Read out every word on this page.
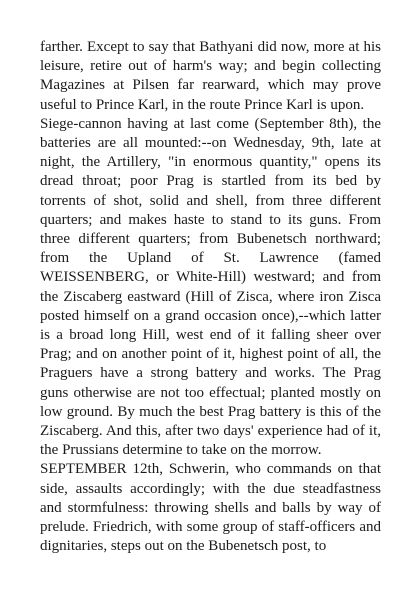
farther. Except to say that Bathyani did now, more at his leisure, retire out of harm's way; and begin collecting Magazines at Pilsen far rearward, which may prove useful to Prince Karl, in the route Prince Karl is upon.

Siege-cannon having at last come (September 8th), the batteries are all mounted:--on Wednesday, 9th, late at night, the Artillery, "in enormous quantity," opens its dread throat; poor Prag is startled from its bed by torrents of shot, solid and shell, from three different quarters; and makes haste to stand to its guns. From three different quarters; from Bubenetsch northward; from the Upland of St. Lawrence (famed WEISSENBERG, or White-Hill) westward; and from the Ziscaberg eastward (Hill of Zisca, where iron Zisca posted himself on a grand occasion once),--which latter is a broad long Hill, west end of it falling sheer over Prag; and on another point of it, highest point of all, the Praguers have a strong battery and works. The Prag guns otherwise are not too effectual; planted mostly on low ground. By much the best Prag battery is this of the Ziscaberg. And this, after two days' experience had of it, the Prussians determine to take on the morrow.

SEPTEMBER 12th, Schwerin, who commands on that side, assaults accordingly; with the due steadfastness and stormfulness: throwing shells and balls by way of prelude. Friedrich, with some group of staff-officers and dignitaries, steps out on the Bubenetsch post, to
